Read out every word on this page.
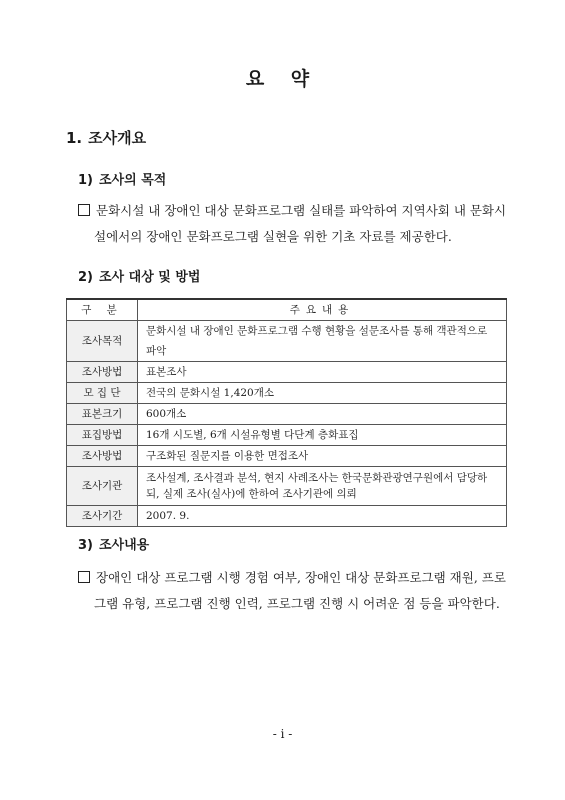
요 약
1. 조사개요
1) 조사의 목적
문화시설 내 장애인 대상 문화프로그램 실태를 파악하여 지역사회 내 문화시
설에서의 장애인 문화프로그램 실현을 위한 기초 자료를 제공한다.
2) 조사 대상 및 방법
구 분	주요내용
조사목적	문화시설 내 장애인 문화프로그램 수행 현황을 설문조사를 통해 객관적으로 파악
조사방법	표본조사
모 집 단	전국의 문화시설 1,420개소
표본크기	600개소
표집방법	16개 시도별, 6개 시설유형별 다단계 층화표집
조사방법	구조화된 질문지를 이용한 면접조사
조사기관	조사설계, 조사결과 분석, 현지 사례조사는 한국문화관광연구원에서 담당하되, 실제 조사(실사)에 한하여 조사기관에 의뢰
조사기간	2007. 9.
3) 조사내용
장애인 대상 프로그램 시행 경험 여부, 장애인 대상 문화프로그램 재원, 프로
그램 유형, 프로그램 진행 인력, 프로그램 진행 시 어려운 점 등을 파악한다.
- i -
